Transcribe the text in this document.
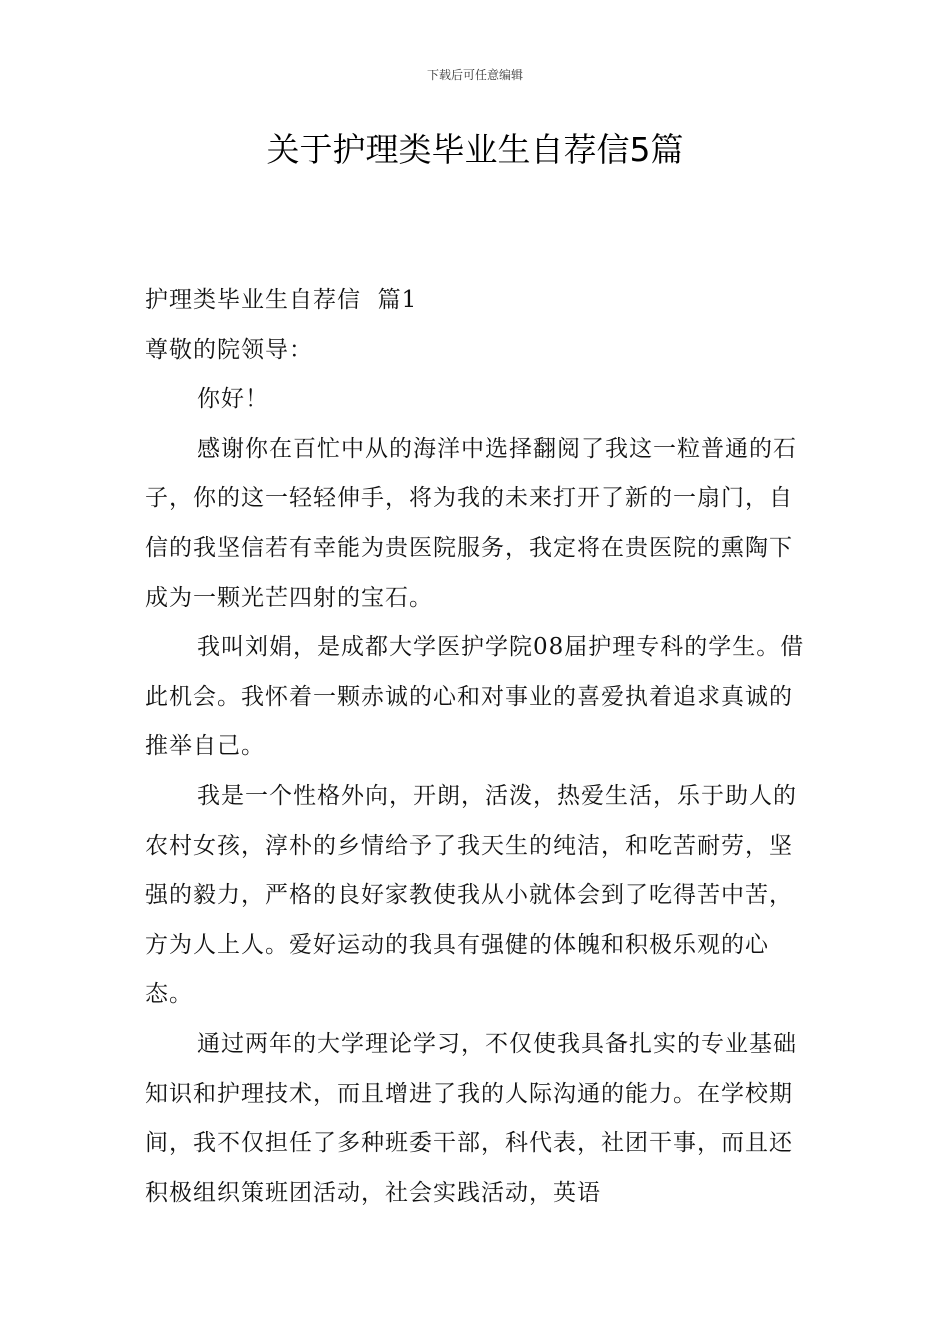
下载后可任意编辑
关于护理类毕业生自荐信5篇

护理类毕业生自荐信  篇1

尊敬的院领导：

你好！

感谢你在百忙中从的海洋中选择翻阅了我这一粒普通的石子，你的这一轻轻伸手，将为我的未来打开了新的一扇门，自信的我坚信若有幸能为贵医院服务，我定将在贵医院的熏陶下成为一颗光芒四射的宝石。

我叫刘娟，是成都大学医护学院08届护理专科的学生。借此机会。我怀着一颗赤诚的心和对事业的喜爱执着追求真诚的推举自己。

我是一个性格外向，开朗，活泼，热爱生活，乐于助人的农村女孩，淳朴的乡情给予了我天生的纯洁，和吃苦耐劳，坚强的毅力，严格的良好家教使我从小就体会到了吃得苦中苦，方为人上人。爱好运动的我具有强健的体魄和积极乐观的心态。

通过两年的大学理论学习，不仅使我具备扎实的专业基础知识和护理技术，而且增进了我的人际沟通的能力。在学校期间，我不仅担任了多种班委干部，科代表，社团干事，而且还积极组织策班团活动，社会实践活动，英语
